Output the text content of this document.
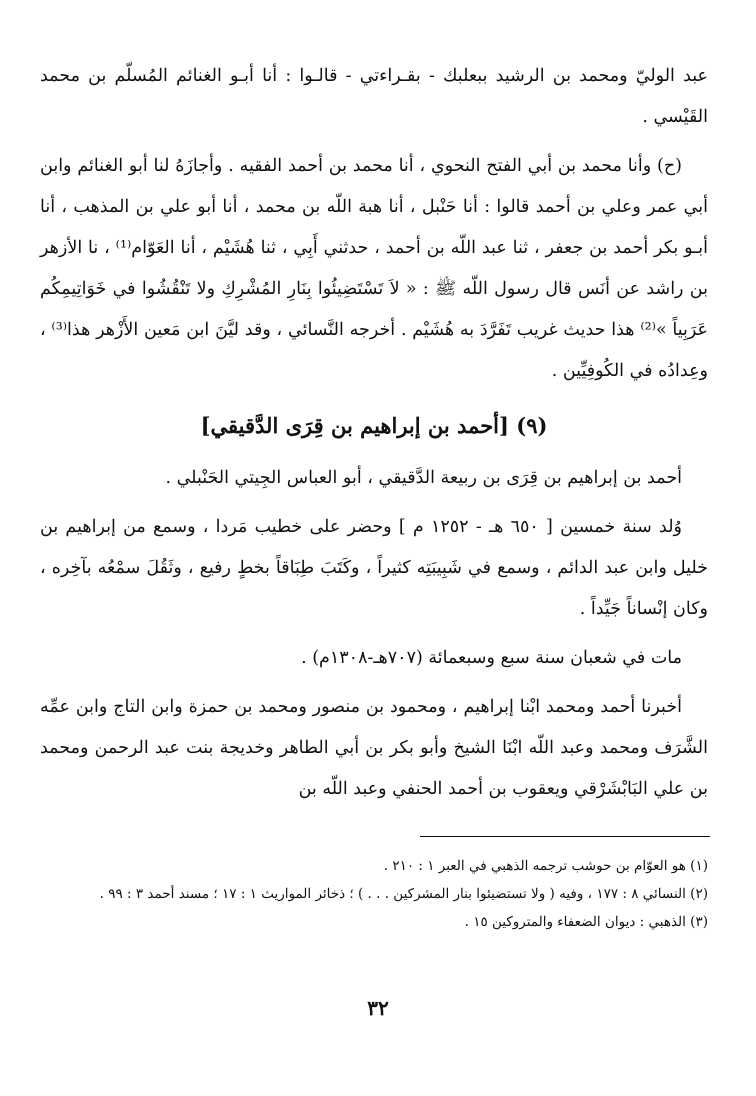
عبد الوليّ ومحمد بن الرشيد ببعلبك - بقـراءتي - قالـوا : أنا أبـو الغنائم المُسلّم بن محمد القَيْسي .

(ح) وأنا محمد بن أبي الفتح النحوي ، أنا محمد بن أحمد الفقيه . وأجازَهُ لنا أبو الغنائم وابن أبي عمر وعلي بن أحمد قالوا : أنا حَنْبل ، أنا هبة اللّه بن محمد ، أنا أبو علي بن المذهب ، أنا أبـو بكر أحمد بن جعفر ، ثنا عبد اللّه بن أحمد ، حدثني أَبِي ، ثنا هُشَيْم ، أنا العَوّام⁽¹⁾ ، نا الأزهر بن راشد عن أنَس قال رسول اللّه ﷺ : « لاَ تَسْتَضِيئُوا بِنَارِ المُشْرِكِ ولا تَنْقُشُوا في خَوَاتِيمِكُم عَرَبِياً »⁽²⁾ هذا حديث غريب تَفَرَّدَ به هُشَيْم . أخرجه النَّسائي ، وقد ليَّنَ ابن مَعين الأَزْهر هذا⁽³⁾ ، وعِدادُه في الكُوفِيِّين .

(٩) [أحمد بن إبراهيم بن قِرَى الدَّقيقي]

أحمد بن إبراهيم بن قِرَى بن ربيعة الدَّقيقي ، أبو العباس الجِيتي الحَنْبلي .

وُلد سنة خمسين [ ٦٥٠ هـ - ١٢٥٢ م ] وحضر على خطيب مَردا ، وسمع من إبراهيم بن خليل وابن عبد الدائم ، وسمع في شَبِيبَتِه كثيراً ، وكَتَبَ طِبَاقاً بخطٍ رفيع ، وثَقُلَ سمْعُه بآخِره ، وكان إنْساناً جَيِّداً .

مات في شعبان سنة سبع وسبعمائة (٧٠٧هـ-١٣٠٨م) .

أخبرنا أحمد ومحمد ابْنا إبراهيم ، ومحمود بن منصور ومحمد بن حمزة وابن التاج وابن عمِّه الشَّرَف ومحمد وعبد اللّه ابْنَا الشيخ وأبو بكر بن أبي الطاهر وخديجة بنت عبد الرحمن ومحمد بن علي البَابْشَرْقي ويعقوب بن أحمد الحنفي وعبد اللّه بن

(١) هو العوّام بن حوشب ترجمه الذهبي في العبر ١ : ٢١٠ .

(٢) النسائي ٨ : ١٧٧ ، وفيه ( ولا تستضيئوا بنار المشركين . . . ) ؛ ذخائر المواريث ١ : ١٧ ؛ مسند أحمد ٣ : ٩٩ .

(٣) الذهبي : ديوان الضعفاء والمتروكين ١٥ .

٣٢
